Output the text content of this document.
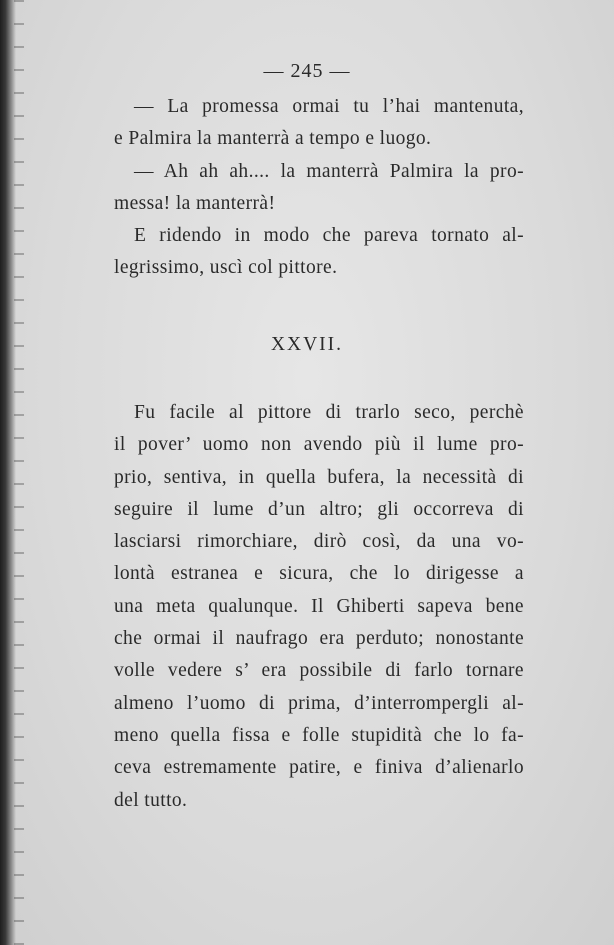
— 245 —
— La promessa ormai tu l’hai mantenuta,
e Palmira la manterrà a tempo e luogo.
— Ah ah ah.... la manterrà Palmira la pro-
messa! la manterrà!
E ridendo in modo che pareva tornato al-
legrissimo, uscì col pittore.
XXVII.
Fu facile al pittore di trarlo seco, perchè
il pover’ uomo non avendo più il lume pro-
prio, sentiva, in quella bufera, la necessità di
seguire il lume d’un altro; gli occorreva di
lasciarsi rimorchiare, dirò così, da una vo-
lontà estranea e sicura, che lo dirigesse a
una meta qualunque. Il Ghiberti sapeva bene
che ormai il naufrago era perduto; nonostante
volle vedere s’ era possibile di farlo tornare
almeno l’uomo di prima, d’interrompergli al-
meno quella fissa e folle stupidità che lo fa-
ceva estremamente patire, e finiva d’alienarlo
del tutto.
